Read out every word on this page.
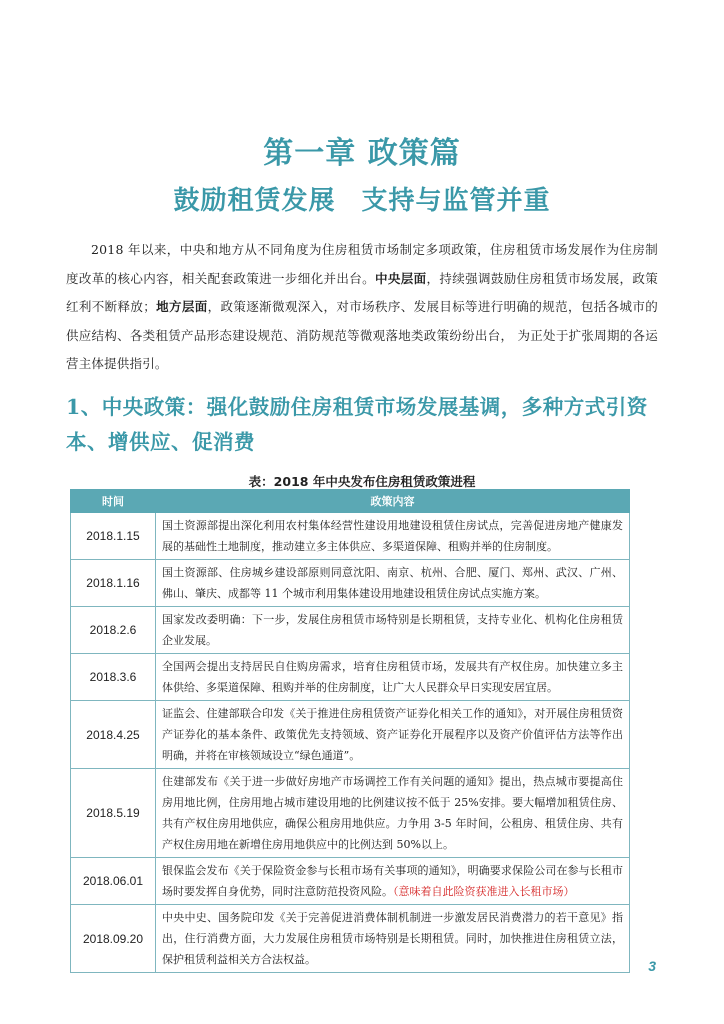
第一章 政策篇
鼓励租赁发展 支持与监管并重
2018 年以来，中央和地方从不同角度为住房租赁市场制定多项政策，住房租赁市场发展作为住房制度改革的核心内容，相关配套政策进一步细化并出台。中央层面，持续强调鼓励住房租赁市场发展，政策红利不断释放；地方层面，政策逐渐微观深入，对市场秩序、发展目标等进行明确的规范，包括各城市的供应结构、各类租赁产品形态建设规范、消防规范等微观落地类政策纷纷出台， 为正处于扩张周期的各运营主体提供指引。
1、中央政策：强化鼓励住房租赁市场发展基调，多种方式引资本、增供应、促消费
表：2018 年中央发布住房租赁政策进程
时间	政策内容
2018.1.15	国土资源部提出深化利用农村集体经营性建设用地建设租赁住房试点，完善促进房地产健康发展的基础性土地制度，推动建立多主体供应、多渠道保障、租购并举的住房制度。
2018.1.16	国土资源部、住房城乡建设部原则同意沈阳、南京、杭州、合肥、厦门、郑州、武汉、广州、佛山、肇庆、成都等 11 个城市利用集体建设用地建设租赁住房试点实施方案。
2018.2.6	国家发改委明确：下一步，发展住房租赁市场特别是长期租赁，支持专业化、机构化住房租赁企业发展。
2018.3.6	全国两会提出支持居民自住购房需求，培育住房租赁市场，发展共有产权住房。加快建立多主体供给、多渠道保障、租购并举的住房制度，让广大人民群众早日实现安居宜居。
2018.4.25	证监会、住建部联合印发《关于推进住房租赁资产证券化相关工作的通知》，对开展住房租赁资产证券化的基本条件、政策优先支持领域、资产证券化开展程序以及资产价值评估方法等作出明确，并将在审核领域设立“绿色通道”。
2018.5.19	住建部发布《关于进一步做好房地产市场调控工作有关问题的通知》提出，热点城市要提高住房用地比例，住房用地占城市建设用地的比例建议按不低于 25%安排。要大幅增加租赁住房、共有产权住房用地供应，确保公租房用地供应。力争用 3-5 年时间，公租房、租赁住房、共有产权住房用地在新增住房用地供应中的比例达到 50%以上。
2018.06.01	银保监会发布《关于保险资金参与长租市场有关事项的通知》，明确要求保险公司在参与长租市场时要发挥自身优势，同时注意防范投资风险。（意味着自此险资获准进入长租市场）
2018.09.20	中央中史、国务院印发《关于完善促进消费体制机制进一步激发居民消费潜力的若干意见》指出，住行消费方面，大力发展住房租赁市场特别是长期租赁。同时，加快推进住房租赁立法，保护租赁利益相关方合法权益。	3
